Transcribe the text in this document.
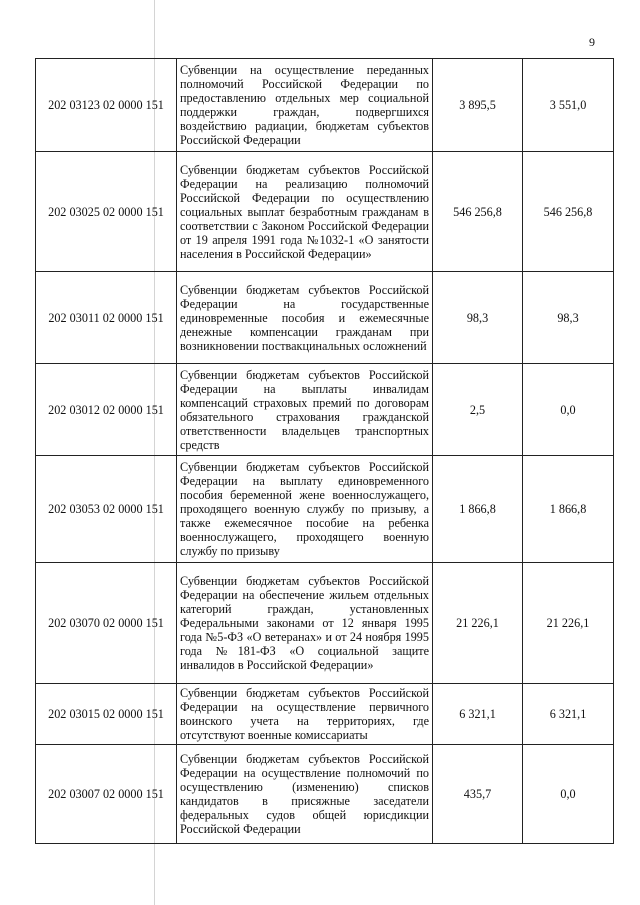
9
202 03123 02 0000 151	Субвенции на осуществление переданных полномочий Российской Федерации по предоставлению отдельных мер социальной поддержки граждан, подвергшихся воздействию радиации, бюджетам субъектов Российской Федерации	3 895,5	3 551,0
202 03025 02 0000 151	Субвенции бюджетам субъектов Российской Федерации на реализацию полномочий Российской Федерации по осуществлению социальных выплат безработным гражданам в соответствии с Законом Российской Федерации от 19 апреля 1991 года №1032-1 «О занятости населения в Российской Федерации»	546 256,8	546 256,8
202 03011 02 0000 151	Субвенции бюджетам субъектов Российской Федерации на государственные единовременные пособия и ежемесячные денежные компенсации гражданам при возникновении поствакцинальных осложнений	98,3	98,3
202 03012 02 0000 151	Субвенции бюджетам субъектов Российской Федерации на выплаты инвалидам компенсаций страховых премий по договорам обязательного страхования гражданской ответственности владельцев транспортных средств	2,5	0,0
202 03053 02 0000 151	Субвенции бюджетам субъектов Российской Федерации на выплату единовременного пособия беременной жене военнослужащего, проходящего военную службу по призыву, а также ежемесячное пособие на ребенка военнослужащего, проходящего военную службу по призыву	1 866,8	1 866,8
202 03070 02 0000 151	Субвенции бюджетам субъектов Российской Федерации на обеспечение жильем отдельных категорий граждан, установленных Федеральными законами от 12 января 1995 года №5-ФЗ «О ветеранах» и от 24 ноября 1995 года №181-ФЗ «О социальной защите инвалидов в Российской Федерации»	21 226,1	21 226,1
202 03015 02 0000 151	Субвенции бюджетам субъектов Российской Федерации на осуществление первичного воинского учета на территориях, где отсутствуют военные комиссариаты	6 321,1	6 321,1
202 03007 02 0000 151	Субвенции бюджетам субъектов Российской Федерации на осуществление полномочий по осуществлению (изменению) списков кандидатов в присяжные заседатели федеральных судов общей юрисдикции Российской Федерации	435,7	0,0
